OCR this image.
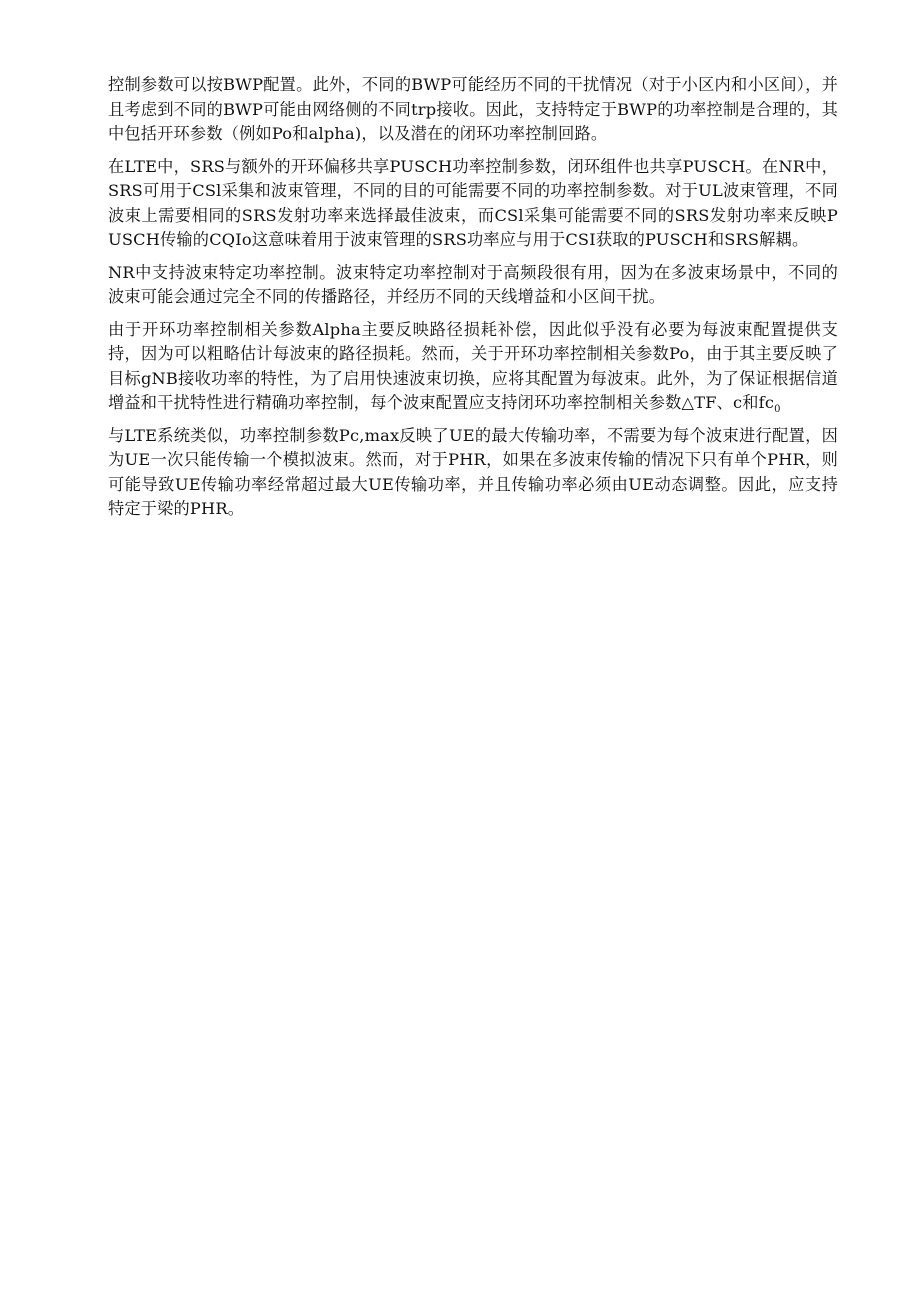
控制参数可以按BWP配置。此外，不同的BWP可能经历不同的干扰情况（对于小区内和小区间），并且考虑到不同的BWP可能由网络侧的不同trp接收。因此，支持特定于BWP的功率控制是合理的，其中包括开环参数（例如Po和alpha)，以及潜在的闭环功率控制回路。

在LTE中，SRS与额外的开环偏移共享PUSCH功率控制参数，闭环组件也共享PUSCH。在NR中，SRS可用于CSl采集和波束管理，不同的目的可能需要不同的功率控制参数。对于UL波束管理，不同波束上需要相同的SRS发射功率来选择最佳波束，而CSl采集可能需要不同的SRS发射功率来反映PUSCH传输的CQIo这意味着用于波束管理的SRS功率应与用于CSI获取的PUSCH和SRS解耦。

NR中支持波束特定功率控制。波束特定功率控制对于高频段很有用，因为在多波束场景中，不同的波束可能会通过完全不同的传播路径，并经历不同的天线增益和小区间干扰。

由于开环功率控制相关参数Alpha主要反映路径损耗补偿，因此似乎没有必要为每波束配置提供支持，因为可以粗略估计每波束的路径损耗。然而，关于开环功率控制相关参数Po，由于其主要反映了目标gNB接收功率的特性，为了启用快速波束切换，应将其配置为每波束。此外，为了保证根据信道增益和干扰特性进行精确功率控制，每个波束配置应支持闭环功率控制相关参数△TF、c和$fc_0$

与LTE系统类似，功率控制参数Pc,max反映了UE的最大传输功率，不需要为每个波束进行配置，因为UE一次只能传输一个模拟波束。然而，对于PHR，如果在多波束传输的情况下只有单个PHR，则可能导致UE传输功率经常超过最大UE传输功率，并且传输功率必须由UE动态调整。因此，应支持特定于梁的PHR。
